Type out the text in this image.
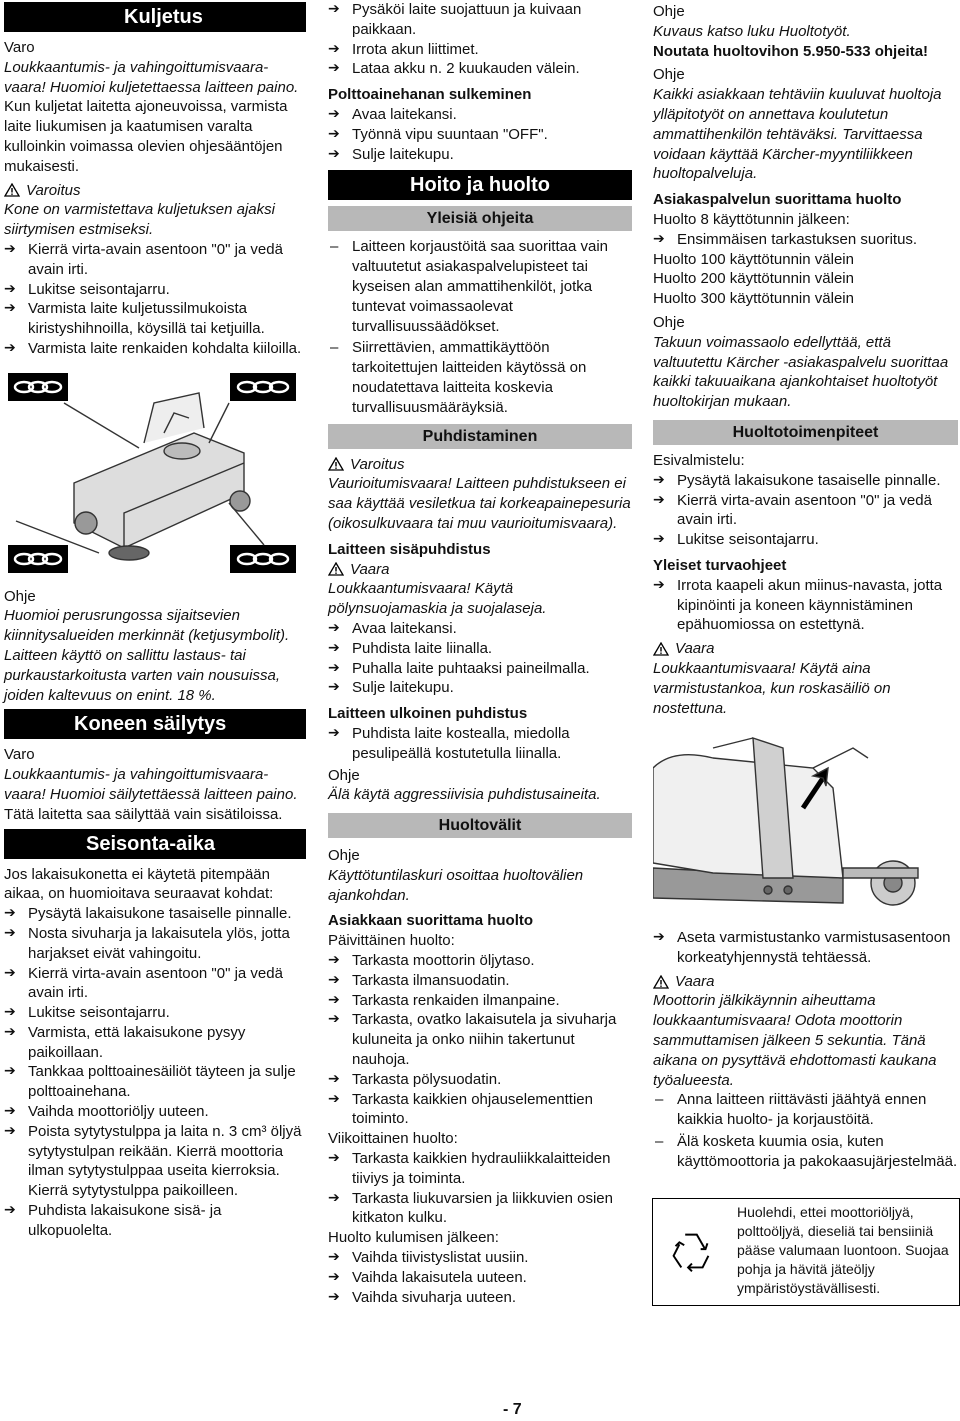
Kuljetus

Varo

Loukkaantumis- ja vahingoittumisvaara-vaara! Huomioi kuljetettaessa laitteen paino.

Kun kuljetat laitetta ajoneuvoissa, varmista laite liukumisen ja kaatumisen varalta kulloinkin voimassa olevien ohjesääntöjen mukaisesti.

Varoitus

Kone on varmistettava kuljetuksen ajaksi siirtymisen estmiseksi.

➔ Kierrä virta-avain asentoon "0" ja vedä avain irti.
➔ Lukitse seisontajarru.
➔ Varmista laite kuljetussilmukoista kiristyshihnoilla, köysillä tai ketjuilla.
➔ Varmista laite renkaiden kohdalta kiiloilla.

Ohje

Huomioi perusrungossa sijaitsevien kiinnitysalueiden merkinnät (ketjusymbolit). Laitteen käyttö on sallittu lastaus- tai purkaustarkoitusta varten vain nousuissa, joiden kaltevuus on enint. 18 %.

Koneen säilytys

Varo

Loukkaantumis- ja vahingoittumisvaara-vaara! Huomioi säilytettäessä laitteen paino.

Tätä laitetta saa säilyttää vain sisätiloissa.

Seisonta-aika

Jos lakaisukonetta ei käytetä pitempään aikaa, on huomioitava seuraavat kohdat:

➔ Pysäytä lakaisukone tasaiselle pinnalle.
➔ Nosta sivuharja ja lakaisutela ylös, jotta harjakset eivät vahingoitu.
➔ Kierrä virta-avain asentoon "0" ja vedä avain irti.
➔ Lukitse seisontajarru.
➔ Varmista, että lakaisukone pysyy paikoillaan.
➔ Tankkaa polttoainesäiliöt täyteen ja sulje polttoainehana.
➔ Vaihda moottoriöljy uuteen.
➔ Poista sytytystulppa ja laita n. 3 cm³ öljyä sytytystulpan reikään. Kierrä moottoria ilman sytytystulppaa useita kierroksia. Kierrä sytytystulppa paikoilleen.
➔ Puhdista lakaisukone sisä- ja ulkopuolelta.
➔ Pysäköi laite suojattuun ja kuivaan paikkaan.
➔ Irrota akun liittimet.
➔ Lataa akku n. 2 kuukauden välein.

Polttoainehanan sulkeminen

➔ Avaa laitekansi.
➔ Työnnä vipu suuntaan "OFF".
➔ Sulje laitekupu.
Hoito ja huolto
Yleisiä ohjeita
– Laitteen korjaustöitä saa suorittaa vain valtuutetut asiakaspalvelupisteet tai kyseisen alan ammattihenkilöt, jotka tuntevat voimassaolevat turvallisuussäädökset.
– Siirrettävien, ammattikäyttöön tarkoitettujen laitteiden käytössä on noudatettava laitteita koskevia turvallisuusmääräyksiä.
Puhdistaminen
Varoitus

Vaurioitumisvaara! Laitteen puhdistukseen ei saa käyttää vesiletkua tai korkeapainepesuria (oikosulkuvaara tai muu vaurioitumisvaara).

Laitteen sisäpuhdistus

Vaara

Loukkaantumisvaara! Käytä pölynsuojamaskia ja suojalaseja.

➔ Avaa laitekansi.
➔ Puhdista laite liinalla.
➔ Puhalla laite puhtaaksi paineilmalla.
➔ Sulje laitekupu.

Laitteen ulkoinen puhdistus

➔ Puhdista laite kostealla, miedolla pesulipeällä kostutetulla liinalla.

Ohje

Älä käytä aggressiivisia puhdistusaineita.

Huoltovälit

Ohje

Käyttötuntilaskuri osoittaa huoltovälien ajankohdan.

Asiakkaan suorittama huolto

Päivittäinen huolto:

➔ Tarkasta moottorin öljytaso.
➔ Tarkasta ilmansuodatin.
➔ Tarkasta renkaiden ilmanpaine.
➔ Tarkasta, ovatko lakaisutela ja sivuharja kuluneita ja onko niihin takertunut nauhoja.
➔ Tarkasta pölysuodatin.
➔ Tarkasta kaikkien ohjauselementtien toiminto.

Viikoittainen huolto:

➔ Tarkasta kaikkien hydrauliikkalaitteiden tiiviys ja toiminta.
➔ Tarkasta liukuvarsien ja liikkuvien osien kitkaton kulku.

Huolto kulumisen jälkeen:

➔ Vaihda tiivistyslistat uusiin.
➔ Vaihda lakaisutela uuteen.
➔ Vaihda sivuharja uuteen.

Ohje

Kuvaus katso luku Huoltotyöt.

Noutata huoltovihon 5.950-533 ohjeita!

Ohje

Kaikki asiakkaan tehtäviin kuuluvat huoltoja ylläpitotyöt on annettava koulutetun ammattihenkilön tehtäväksi. Tarvittaessa voidaan käyttää Kärcher-myyntiliikkeen huoltopalveluja.

Asiakaspalvelun suorittama huolto

Huolto 8 käyttötunnin jälkeen:

➔ Ensimmäisen tarkastuksen suoritus.

Huolto 100 käyttötunnin välein

Huolto 200 käyttötunnin välein

Huolto 300 käyttötunnin välein

Ohje

Takuun voimassaolo edellyttää, että valtuutettu Kärcher -asiakaspalvelu suorittaa kaikki takuuaikana ajankohtaiset huoltotyöt huoltokirjan mukaan.

Huoltotoimenpiteet

Esivalmistelu:

➔ Pysäytä lakaisukone tasaiselle pinnalle.
➔ Kierrä virta-avain asentoon "0" ja vedä avain irti.
➔ Lukitse seisontajarru.

Yleiset turvaohjeet

➔ Irrota kaapeli akun miinus-navasta, jotta kipinöinti ja koneen käynnistäminen epähuomiossa on estettynä.
Vaara

Loukkaantumisvaara! Käytä aina varmistustankoa, kun roskasäiliö on nostettuna.

➔ Aseta varmistustanko varmistusasentoon korkeatyhjennystä tehtäessä.
Vaara

Moottorin jälkikäynnin aiheuttama loukkaantumisvaara! Odota moottorin sammuttamisen jälkeen 5 sekuntia. Tänä aikana on pysyttävä ehdottomasti kaukana työalueesta.

– Anna laitteen riittävästi jäähtyä ennen kaikkia huolto- ja korjaustöitä.
– Älä kosketa kuumia osia, kuten käyttömoottoria ja pakokaasujärjestelmää.
Huolehdi, ettei moottoriöljyä, polttoöljyä, dieseliä tai bensiiniä pääse valumaan luontoon. Suojaa pohja ja hävitä jäteöljy ympäristöystävällisesti.
- 7
